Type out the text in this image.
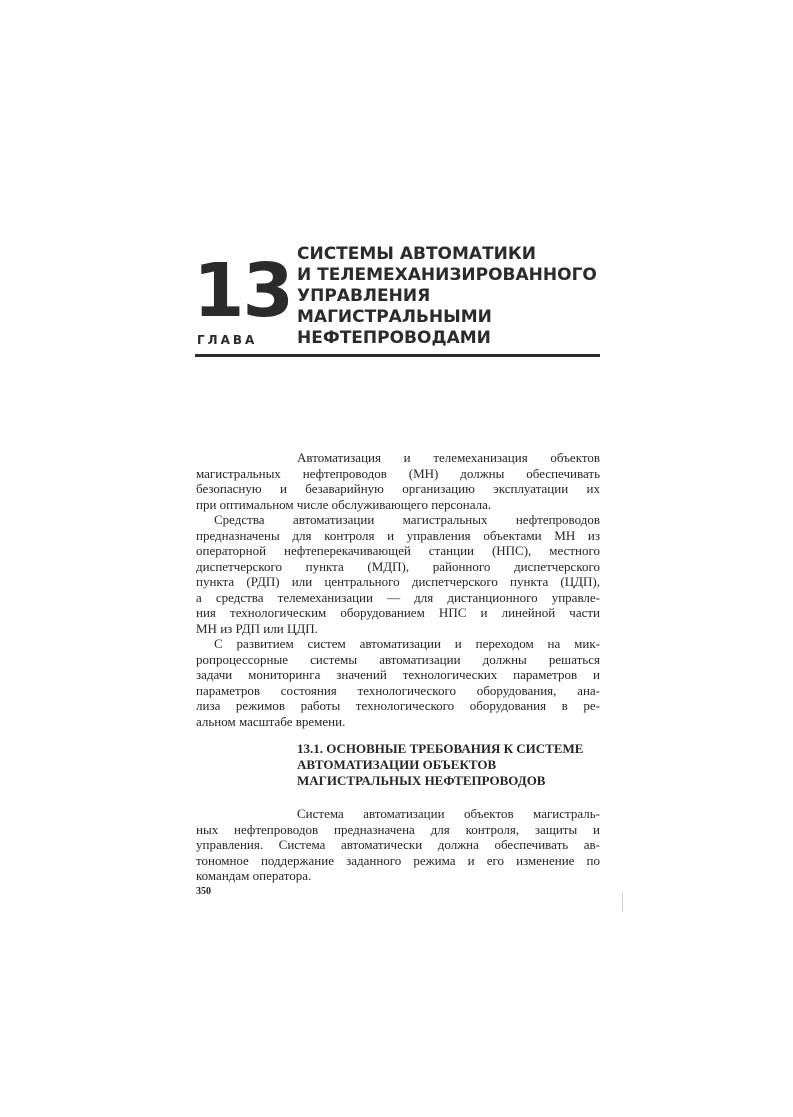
13
ГЛАВА
СИСТЕМЫ АВТОМАТИКИ
И ТЕЛЕМЕХАНИЗИРОВАННОГО
УПРАВЛЕНИЯ
МАГИСТРАЛЬНЫМИ
НЕФТЕПРОВОДАМИ
Автоматизация и телемеханизация объектов
магистральных нефтепроводов (МН) должны обеспечивать
безопасную и безаварийную организацию эксплуатации их
при оптимальном числе обслуживающего персонала.
Средства автоматизации магистральных нефтепроводов
предназначены для контроля и управления объектами МН из
операторной нефтеперекачивающей станции (НПС), местного
диспетчерского пункта (МДП), районного диспетчерского
пункта (РДП) или центрального диспетчерского пункта (ЦДП),
а средства телемеханизации — для дистанционного управле-
ния технологическим оборудованием НПС и линейной части
МН из РДП или ЦДП.
С развитием систем автоматизации и переходом на мик-
ропроцессорные системы автоматизации должны решаться
задачи мониторинга значений технологических параметров и
параметров состояния технологического оборудования, ана-
лиза режимов работы технологического оборудования в ре-
альном масштабе времени.
13.1. ОСНОВНЫЕ ТРЕБОВАНИЯ К СИСТЕМЕ
АВТОМАТИЗАЦИИ ОБЪЕКТОВ
МАГИСТРАЛЬНЫХ НЕФТЕПРОВОДОВ
Система автоматизации объектов магистраль-
ных нефтепроводов предназначена для контроля, защиты и
управления. Система автоматически должна обеспечивать ав-
тономное поддержание заданного режима и его изменение по
командам оператора.
350
